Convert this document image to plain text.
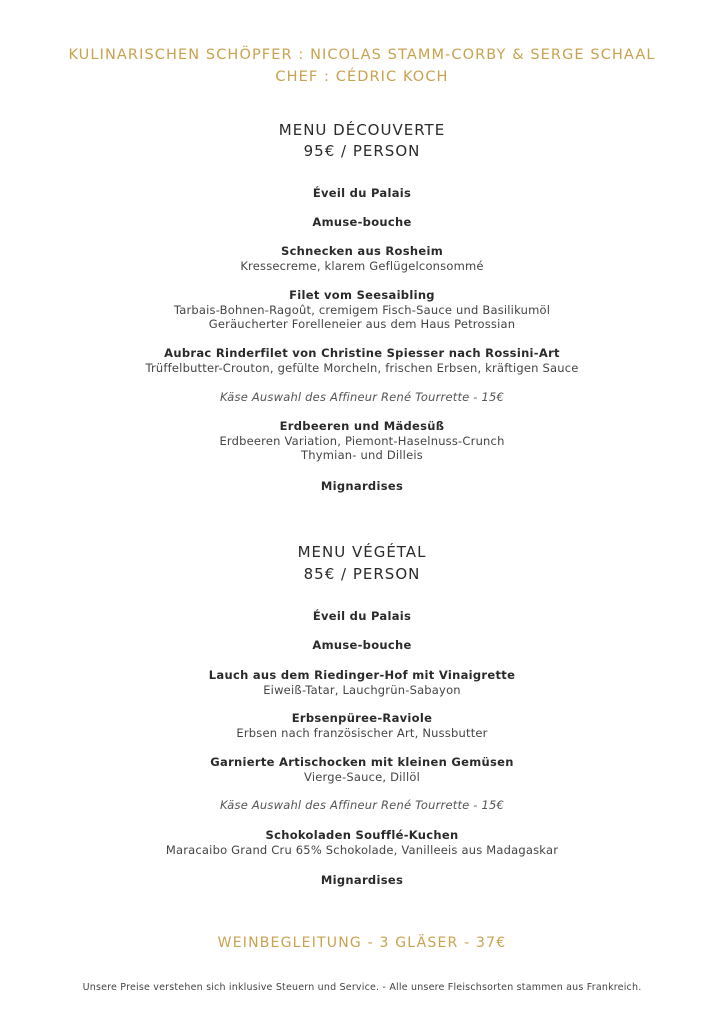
KULINARISCHEN SCHÖPFER : NICOLAS STAMM-CORBY & SERGE SCHAAL
CHEF : CÉDRIC KOCH
MENU DÉCOUVERTE
95€ / PERSON
Éveil du Palais
Amuse-bouche
Schnecken aus Rosheim
Kressecreme, klarem Geflügelconsommé
Filet vom Seesaibling
Tarbais-Bohnen-Ragoût, cremigem Fisch-Sauce und Basilikumöl
Geräucherter Forelleneier aus dem Haus Petrossian
Aubrac Rinderfilet von Christine Spiesser nach Rossini-Art
Trüffelbutter-Crouton, gefülte Morcheln, frischen Erbsen, kräftigen Sauce
Käse Auswahl des Affineur René Tourrette - 15€
Erdbeeren und Mädesüß
Erdbeeren Variation, Piemont-Haselnuss-Crunch
Thymian- und Dilleis
Mignardises
MENU VÉGÉTAL
85€ / PERSON
Éveil du Palais
Amuse-bouche
Lauch aus dem Riedinger-Hof mit Vinaigrette
Eiweiß-Tatar, Lauchgrün-Sabayon
Erbsenpüree-Raviole
Erbsen nach französischer Art, Nussbutter
Garnierte Artischocken mit kleinen Gemüsen
Vierge-Sauce, Dillöl
Käse Auswahl des Affineur René Tourrette - 15€
Schokoladen Soufflé-Kuchen
Maracaibo Grand Cru 65% Schokolade, Vanilleeis aus Madagaskar
Mignardises
WEINBEGLEITUNG - 3 GLÄSER - 37€
Unsere Preise verstehen sich inklusive Steuern und Service. - Alle unsere Fleischsorten stammen aus Frankreich.
